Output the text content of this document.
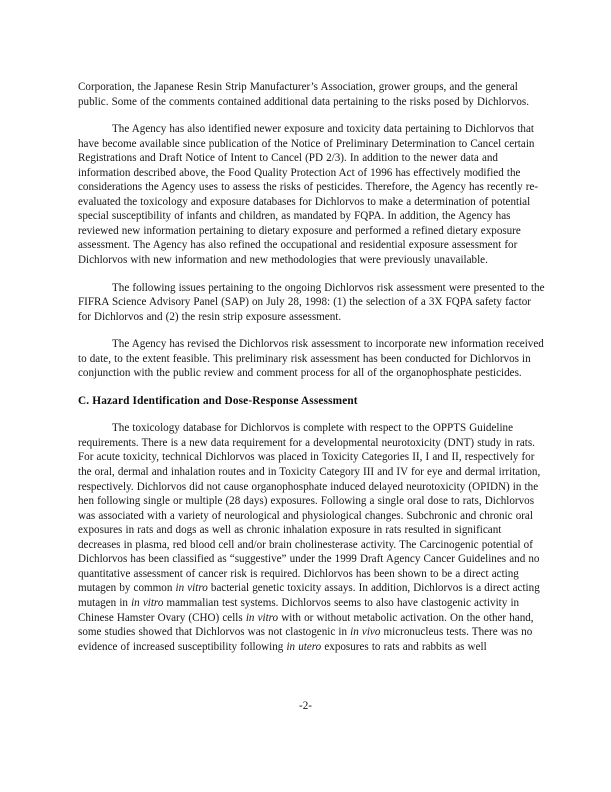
Corporation, the Japanese Resin Strip Manufacturer’s Association, grower groups, and the general public. Some of the comments contained additional data pertaining to the risks posed by Dichlorvos.

The Agency has also identified newer exposure and toxicity data pertaining to Dichlorvos that have become available since publication of the Notice of Preliminary Determination to Cancel certain Registrations and Draft Notice of Intent to Cancel (PD 2/3). In addition to the newer data and information described above, the Food Quality Protection Act of 1996 has effectively modified the considerations the Agency uses to assess the risks of pesticides. Therefore, the Agency has recently re-evaluated the toxicology and exposure databases for Dichlorvos to make a determination of potential special susceptibility of infants and children, as mandated by FQPA. In addition, the Agency has reviewed new information pertaining to dietary exposure and performed a refined dietary exposure assessment. The Agency has also refined the occupational and residential exposure assessment for Dichlorvos with new information and new methodologies that were previously unavailable.

The following issues pertaining to the ongoing Dichlorvos risk assessment were presented to the FIFRA Science Advisory Panel (SAP) on July 28, 1998: (1) the selection of a 3X FQPA safety factor for Dichlorvos and (2) the resin strip exposure assessment.

The Agency has revised the Dichlorvos risk assessment to incorporate new information received to date, to the extent feasible. This preliminary risk assessment has been conducted for Dichlorvos in conjunction with the public review and comment process for all of the organophosphate pesticides.

C. Hazard Identification and Dose-Response Assessment

The toxicology database for Dichlorvos is complete with respect to the OPPTS Guideline requirements. There is a new data requirement for a developmental neurotoxicity (DNT) study in rats. For acute toxicity, technical Dichlorvos was placed in Toxicity Categories II, I and II, respectively for the oral, dermal and inhalation routes and in Toxicity Category III and IV for eye and dermal irritation, respectively. Dichlorvos did not cause organophosphate induced delayed neurotoxicity (OPIDN) in the hen following single or multiple (28 days) exposures. Following a single oral dose to rats, Dichlorvos was associated with a variety of neurological and physiological changes. Subchronic and chronic oral exposures in rats and dogs as well as chronic inhalation exposure in rats resulted in significant decreases in plasma, red blood cell and/or brain cholinesterase activity. The Carcinogenic potential of Dichlorvos has been classified as “suggestive” under the 1999 Draft Agency Cancer Guidelines and no quantitative assessment of cancer risk is required. Dichlorvos has been shown to be a direct acting mutagen by common in vitro bacterial genetic toxicity assays. In addition, Dichlorvos is a direct acting mutagen in in vitro mammalian test systems. Dichlorvos seems to also have clastogenic activity in Chinese Hamster Ovary (CHO) cells in vitro with or without metabolic activation. On the other hand, some studies showed that Dichlorvos was not clastogenic in in vivo micronucleus tests. There was no evidence of increased susceptibility following in utero exposures to rats and rabbits as well

-2-
